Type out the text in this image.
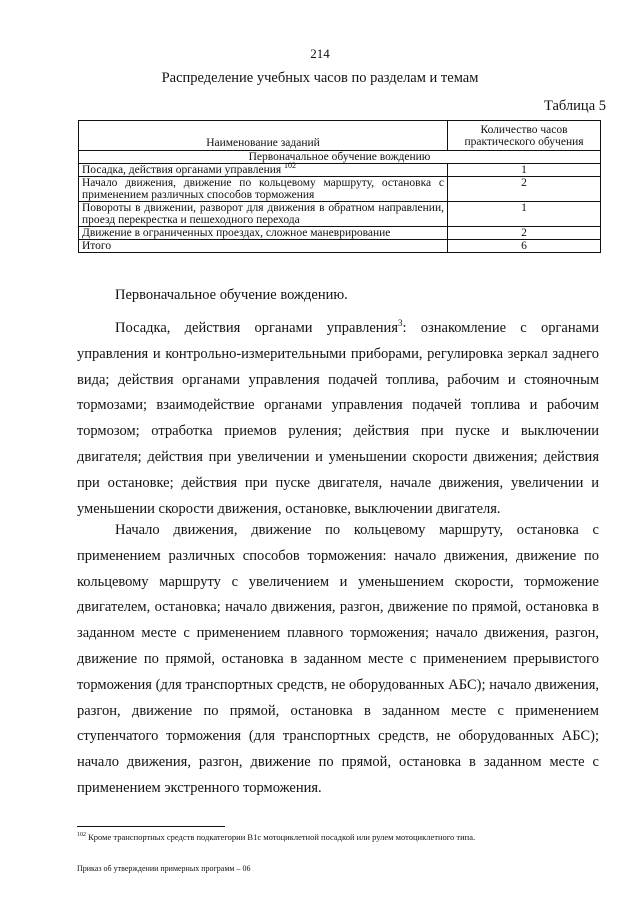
214
Распределение учебных часов по разделам и темам
Таблица 5
Наименование заданий	Количество часов практического обучения
Первоначальное обучение вождению	
Посадка, действия органами управления $^{102}$	1
Начало движения, движение по кольцевому маршруту, остановка с применением различных способов торможения	2
Повороты в движении, разворот для движения в обратном направлении, проезд перекрестка и пешеходного перехода	1
Движение в ограниченных проездах, сложное маневрирование	2
Итого	6
Первоначальное обучение вождению.

Посадка, действия органами управления$^3$: ознакомление с органами управления и контрольно-измерительными приборами, регулировка зеркал заднего вида; действия органами управления подачей топлива, рабочим и стояночным тормозами; взаимодействие органами управления подачей топлива и рабочим тормозом; отработка приемов руления; действия при пуске и выключении двигателя; действия при увеличении и уменьшении скорости движения; действия при остановке; действия при пуске двигателя, начале движения, увеличении и уменьшении скорости движения, остановке, выключении двигателя.

Начало движения, движение по кольцевому маршруту, остановка с применением различных способов торможения: начало движения, движение по кольцевому маршруту с увеличением и уменьшением скорости, торможение двигателем, остановка; начало движения, разгон, движение по прямой, остановка в заданном месте с применением плавного торможения; начало движения, разгон, движение по прямой, остановка в заданном месте с применением прерывистого торможения (для транспортных средств, не оборудованных АБС); начало движения, разгон, движение по прямой, остановка в заданном месте с применением ступенчатого торможения (для транспортных средств, не оборудованных АБС); начало движения, разгон, движение по прямой, остановка в заданном месте с применением экстренного торможения.

$^{102}$ Кроме транспортных средств подкатегории В1с мотоциклетной посадкой или рулем мотоциклетного типа.
Приказ об утверждении примерных программ – 06
